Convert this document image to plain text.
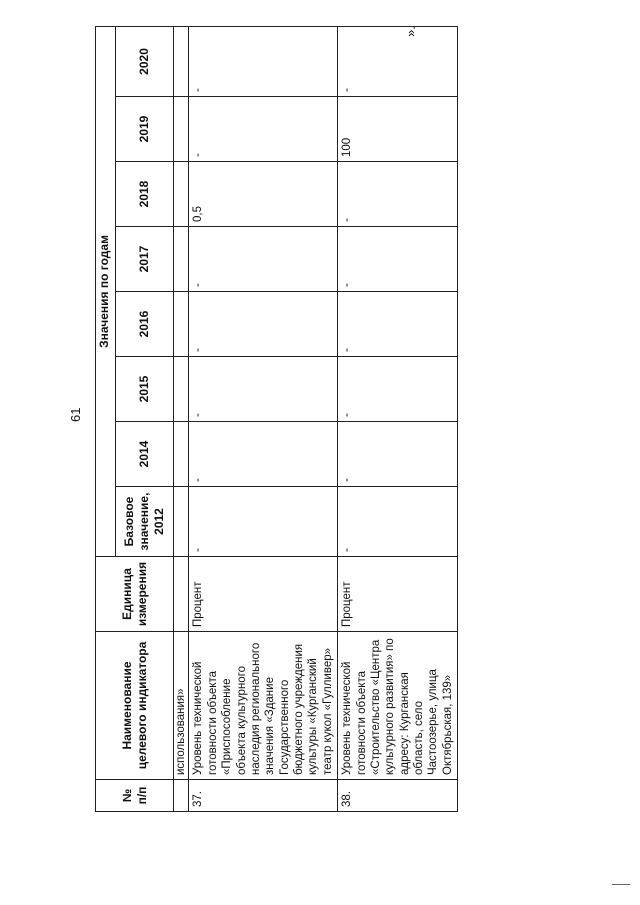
61
».
№ п/п	Наименование целевого индикатора	Единица измерения	Значения по годам							
			Базовое значение, 2012	2014	2015	2016	2017	2018	2019	2020
	использования»									
37.	Уровень технической готовности объекта «Приспособление объекта культурного наследия регионального значения «Здание Государственного бюджетного учреждения культуры «Курганский театр кукол «Гулливер»	Процент	-	-	-	-	-	0,5	-	-
38.	Уровень технической готовности объекта «Строительство «Центра культурного развития» по адресу: Курганская область, село Частоозерье, улица Октябрьская, 139»	Процент	-	-	-	-	-	-	100	-
